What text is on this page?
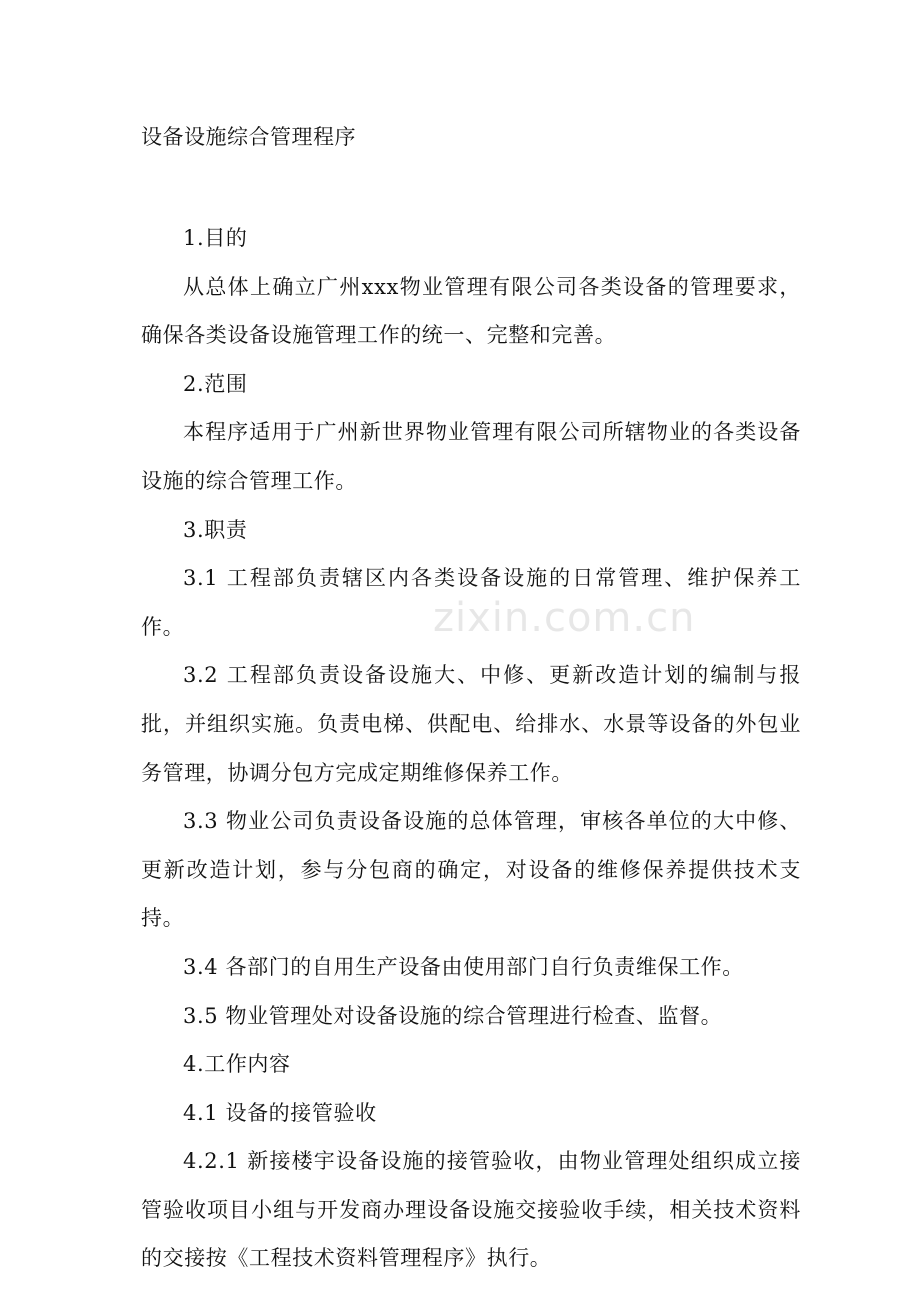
设备设施综合管理程序

1.目的

从总体上确立广州xxx物业管理有限公司各类设备的管理要求，确保各类设备设施管理工作的统一、完整和完善。

2.范围

本程序适用于广州新世界物业管理有限公司所辖物业的各类设备设施的综合管理工作。

3.职责

3.1 工程部负责辖区内各类设备设施的日常管理、维护保养工作。

3.2 工程部负责设备设施大、中修、更新改造计划的编制与报批，并组织实施。负责电梯、供配电、给排水、水景等设备的外包业务管理，协调分包方完成定期维修保养工作。

3.3 物业公司负责设备设施的总体管理，审核各单位的大中修、更新改造计划，参与分包商的确定，对设备的维修保养提供技术支持。

3.4 各部门的自用生产设备由使用部门自行负责维保工作。

3.5 物业管理处对设备设施的综合管理进行检查、监督。

4.工作内容

4.1 设备的接管验收

4.2.1 新接楼宇设备设施的接管验收，由物业管理处组织成立接管验收项目小组与开发商办理设备设施交接验收手续，相关技术资料的交接按《工程技术资料管理程序》执行。

zixin.com.cn
